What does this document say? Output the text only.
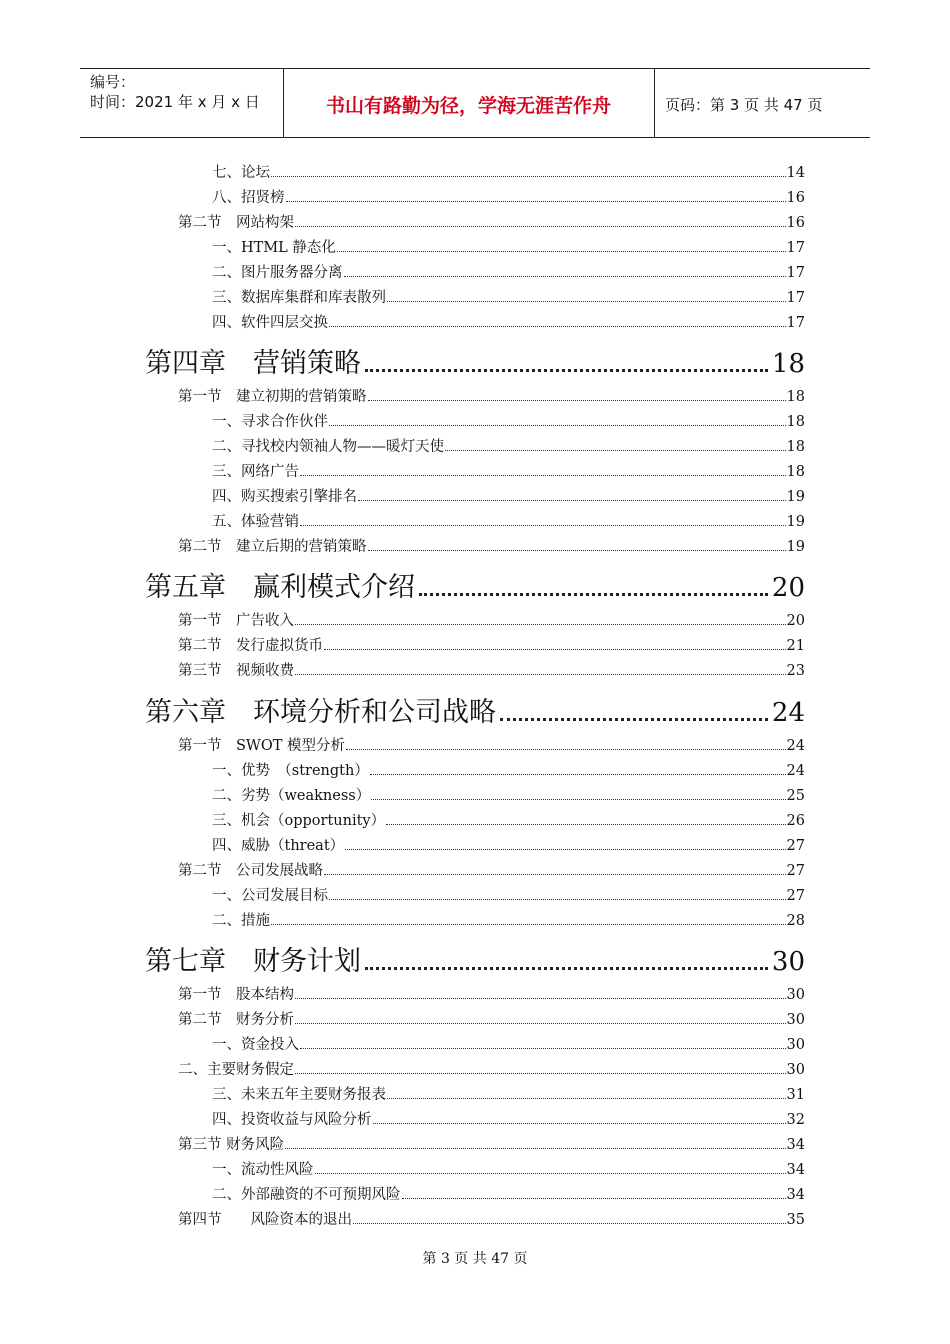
编号：
时间：2021 年 x 月 x 日	书山有路勤为径，学海无涯苦作舟	页码：第 3 页 共 47 页
七、论坛	14
八、招贤榜	16
第二节　网站构架	16
一、HTML 静态化	17
二、图片服务器分离	17
三、数据库集群和库表散列	17
四、软件四层交换	17
第四章　营销策略	18
第一节　建立初期的营销策略	18
一、寻求合作伙伴	18
二、寻找校内领袖人物——暖灯天使	18
三、网络广告	18
四、购买搜索引擎排名	19
五、体验营销	19
第二节　建立后期的营销策略	19
第五章　赢利模式介绍	20
第一节　广告收入	20
第二节　发行虚拟货币	21
第三节　视频收费	23
第六章　环境分析和公司战略	24
第一节　SWOT 模型分析	24
一、优势　（strength）	24
二、劣势（weakness）	25
三、机会（opportunity）	26
四、威胁（threat）	27
第二节　公司发展战略	27
一、公司发展目标	27
二、措施	28
第七章　财务计划	30
第一节　股本结构	30
第二节　财务分析	30
一、资金投入	30
二、主要财务假定	30
三、未来五年主要财务报表	31
四、投资收益与风险分析	32
第三节 财务风险	34
一、流动性风险	34
二、外部融资的不可预期风险	34
第四节　　风险资本的退出	35
第 3 页 共 47 页
